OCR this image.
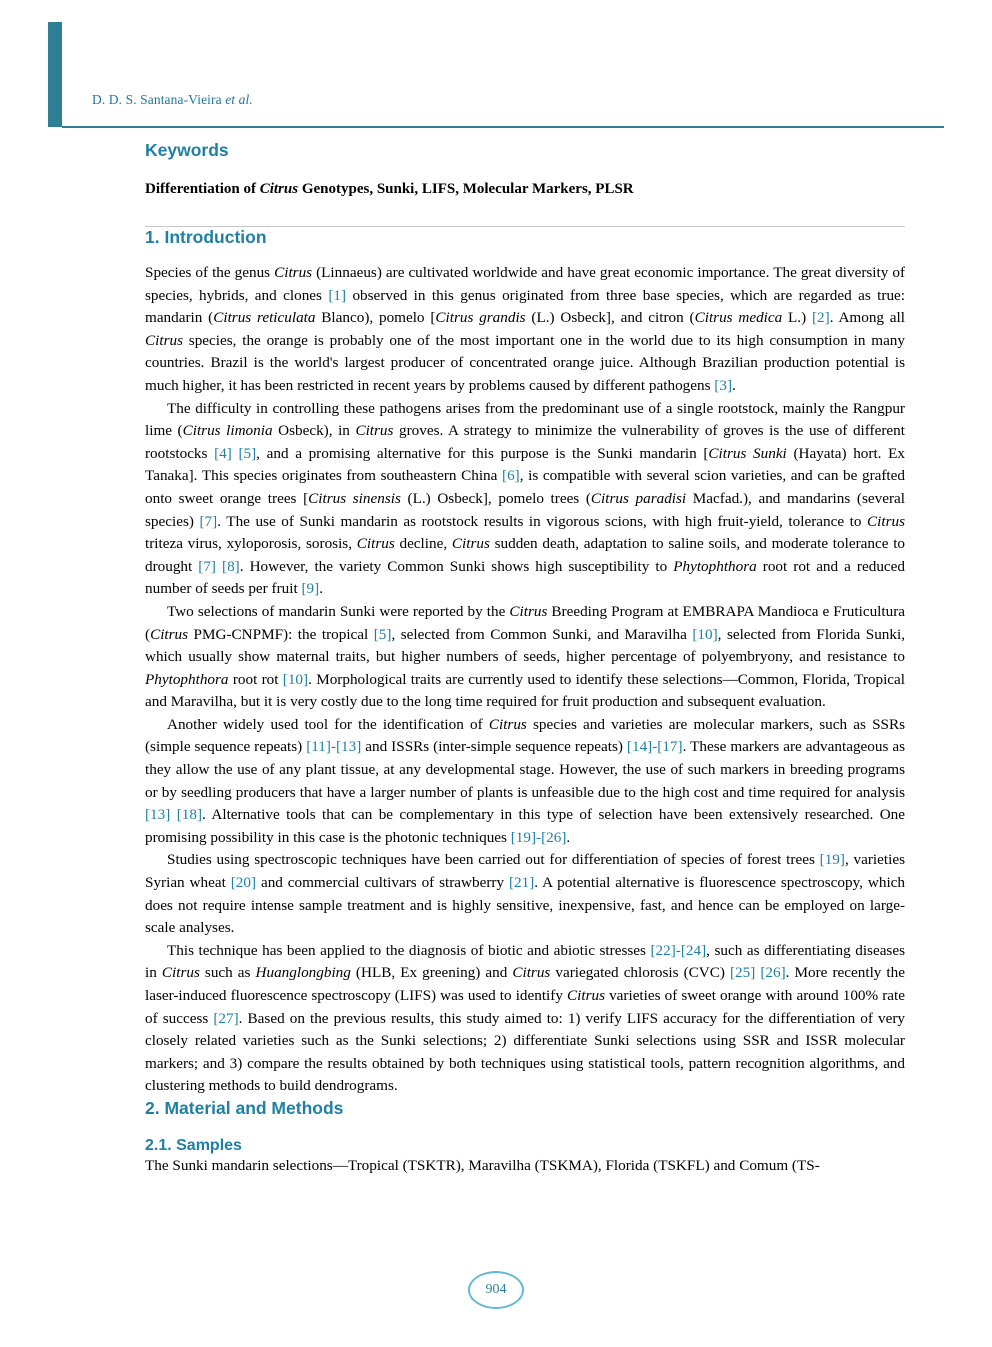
D. D. S. Santana-Vieira et al.
Keywords
Differentiation of Citrus Genotypes, Sunki, LIFS, Molecular Markers, PLSR
1. Introduction

Species of the genus Citrus (Linnaeus) are cultivated worldwide and have great economic importance. The great diversity of species, hybrids, and clones [1] observed in this genus originated from three base species, which are regarded as true: mandarin (Citrus reticulata Blanco), pomelo [Citrus grandis (L.) Osbeck], and citron (Citrus medica L.) [2]. Among all Citrus species, the orange is probably one of the most important one in the world due to its high consumption in many countries. Brazil is the world's largest producer of concentrated orange juice. Although Brazilian production potential is much higher, it has been restricted in recent years by problems caused by different pathogens [3].

The difficulty in controlling these pathogens arises from the predominant use of a single rootstock, mainly the Rangpur lime (Citrus limonia Osbeck), in Citrus groves. A strategy to minimize the vulnerability of groves is the use of different rootstocks [4] [5], and a promising alternative for this purpose is the Sunki mandarin [Citrus Sunki (Hayata) hort. Ex Tanaka]. This species originates from southeastern China [6], is compatible with several scion varieties, and can be grafted onto sweet orange trees [Citrus sinensis (L.) Osbeck], pomelo trees (Citrus paradisi Macfad.), and mandarins (several species) [7]. The use of Sunki mandarin as rootstock results in vigorous scions, with high fruit-yield, tolerance to Citrus triteza virus, xyloporosis, sorosis, Citrus decline, Citrus sudden death, adaptation to saline soils, and moderate tolerance to drought [7] [8]. However, the variety Common Sunki shows high susceptibility to Phytophthora root rot and a reduced number of seeds per fruit [9].

Two selections of mandarin Sunki were reported by the Citrus Breeding Program at EMBRAPA Mandioca e Fruticultura (Citrus PMG-CNPMF): the tropical [5], selected from Common Sunki, and Maravilha [10], selected from Florida Sunki, which usually show maternal traits, but higher numbers of seeds, higher percentage of polyembryony, and resistance to Phytophthora root rot [10]. Morphological traits are currently used to identify these selections—Common, Florida, Tropical and Maravilha, but it is very costly due to the long time required for fruit production and subsequent evaluation.

Another widely used tool for the identification of Citrus species and varieties are molecular markers, such as SSRs (simple sequence repeats) [11]-[13] and ISSRs (inter-simple sequence repeats) [14]-[17]. These markers are advantageous as they allow the use of any plant tissue, at any developmental stage. However, the use of such markers in breeding programs or by seedling producers that have a larger number of plants is unfeasible due to the high cost and time required for analysis [13] [18]. Alternative tools that can be complementary in this type of selection have been extensively researched. One promising possibility in this case is the photonic techniques [19]-[26].

Studies using spectroscopic techniques have been carried out for differentiation of species of forest trees [19], varieties Syrian wheat [20] and commercial cultivars of strawberry [21]. A potential alternative is fluorescence spectroscopy, which does not require intense sample treatment and is highly sensitive, inexpensive, fast, and hence can be employed on large-scale analyses.

This technique has been applied to the diagnosis of biotic and abiotic stresses [22]-[24], such as differentiating diseases in Citrus such as Huanglongbing (HLB, Ex greening) and Citrus variegated chlorosis (CVC) [25] [26]. More recently the laser-induced fluorescence spectroscopy (LIFS) was used to identify Citrus varieties of sweet orange with around 100% rate of success [27]. Based on the previous results, this study aimed to: 1) verify LIFS accuracy for the differentiation of very closely related varieties such as the Sunki selections; 2) differentiate Sunki selections using SSR and ISSR molecular markers; and 3) compare the results obtained by both techniques using statistical tools, pattern recognition algorithms, and clustering methods to build dendrograms.

2. Material and Methods
2.1. Samples

The Sunki mandarin selections—Tropical (TSKTR), Maravilha (TSKMA), Florida (TSKFL) and Comum (TS-

904
